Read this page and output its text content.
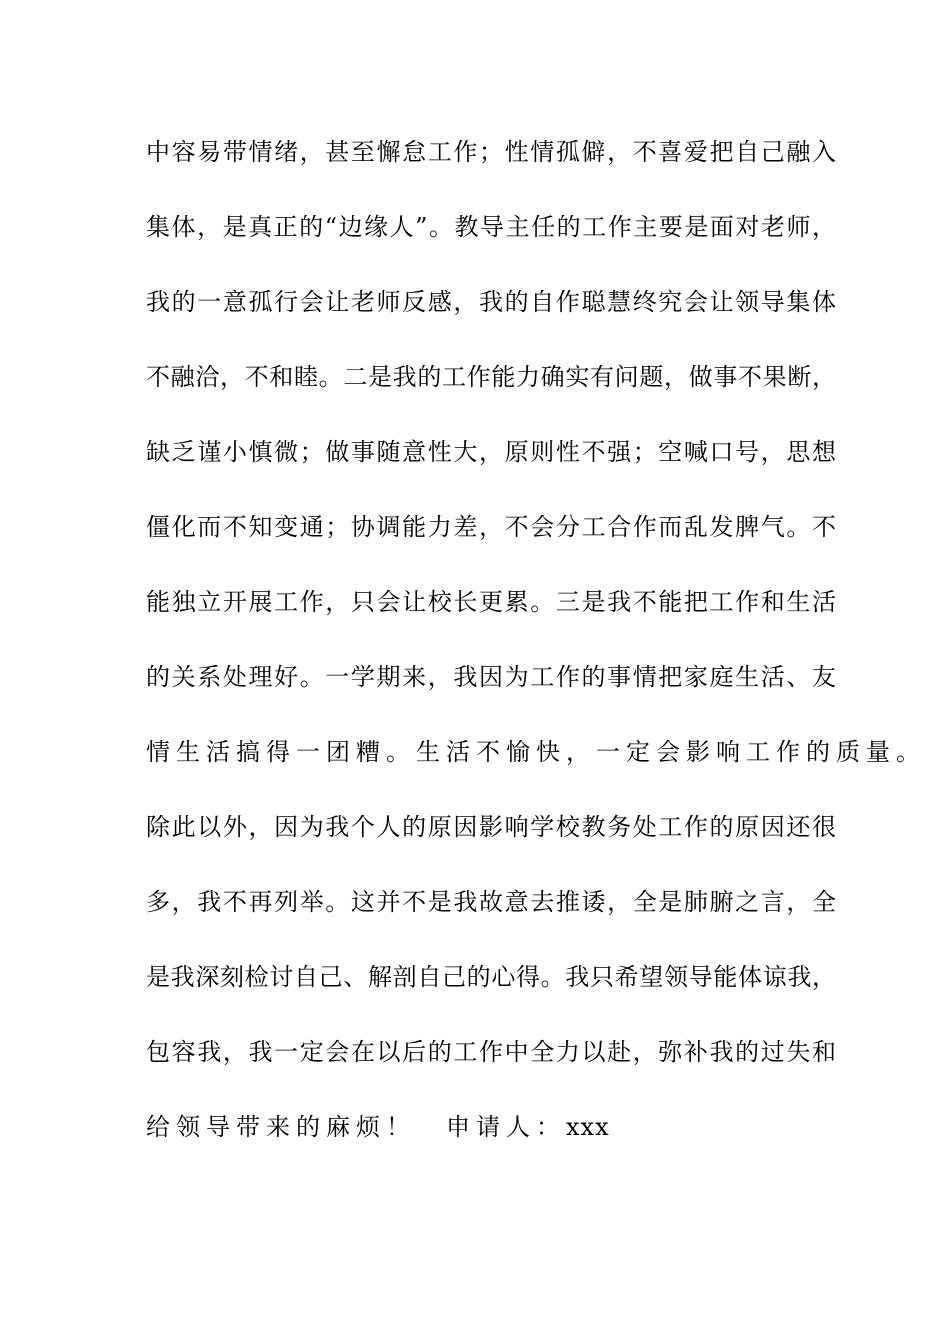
中容易带情绪，甚至懈怠工作；性情孤僻，不喜爱把自己融入
集体，是真正的“边缘人”。教导主任的工作主要是面对老师，
我的一意孤行会让老师反感，我的自作聪慧终究会让领导集体
不融洽，不和睦。二是我的工作能力确实有问题，做事不果断，
缺乏谨小慎微；做事随意性大，原则性不强；空喊口号，思想
僵化而不知变通；协调能力差，不会分工合作而乱发脾气。不
能独立开展工作，只会让校长更累。三是我不能把工作和生活
的关系处理好。一学期来，我因为工作的事情把家庭生活、友
情生活搞得一团糟。生活不愉快，一定会影响工作的质量。
除此以外，因为我个人的原因影响学校教务处工作的原因还很
多，我不再列举。这并不是我故意去推诿，全是肺腑之言，全
是我深刻检讨自己、解剖自己的心得。我只希望领导能体谅我，
包容我，我一定会在以后的工作中全力以赴，弥补我的过失和
给领导带来的麻烦！ 申请人：xxx
